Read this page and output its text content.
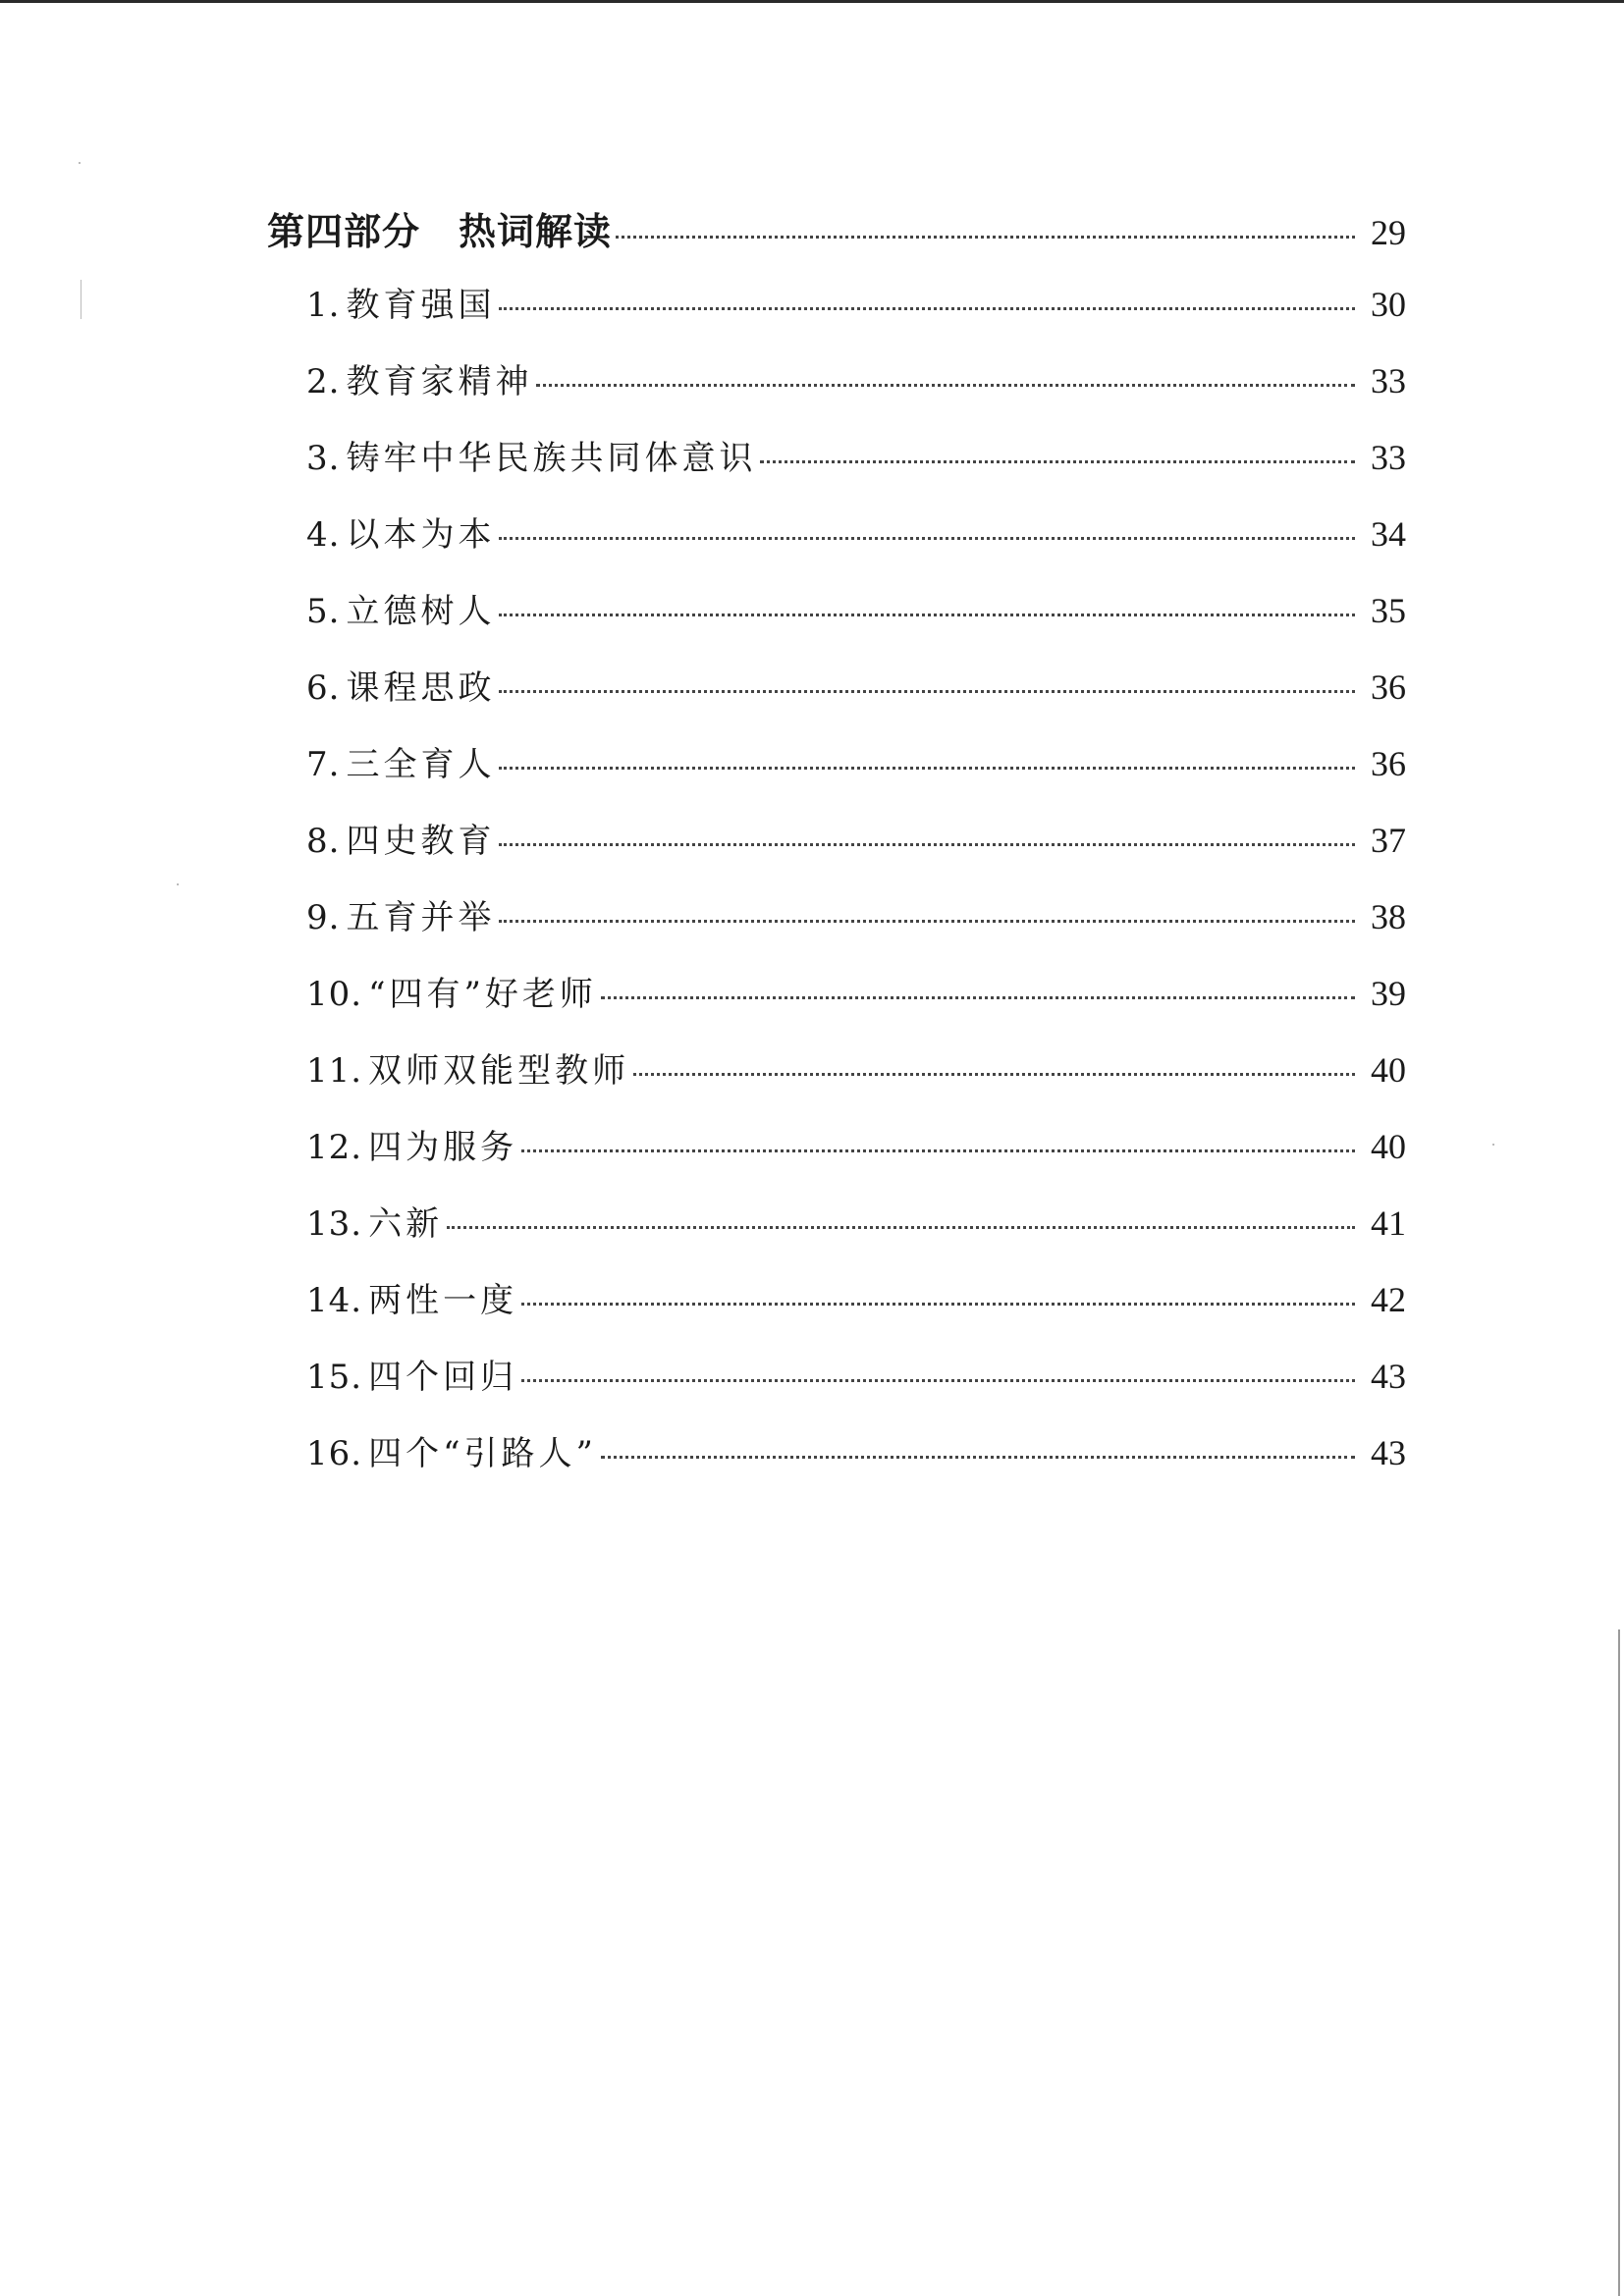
第四部分　热词解读	29
1. 教育强国	30
2. 教育家精神	33
3. 铸牢中华民族共同体意识	33
4. 以本为本	34
5. 立德树人	35
6. 课程思政	36
7. 三全育人	36
8. 四史教育	37
9. 五育并举	38
10. “四有”好老师	39
11. 双师双能型教师	40
12. 四为服务	40
13. 六新	41
14. 两性一度	42
15. 四个回归	43
16. 四个“引路人”	43
